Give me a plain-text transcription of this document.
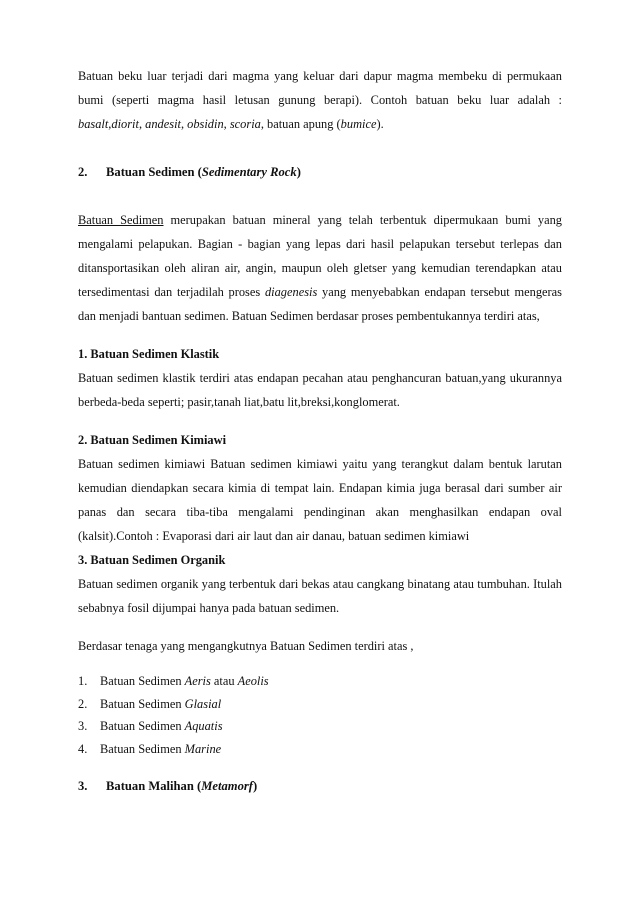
Batuan beku luar terjadi dari magma yang keluar dari dapur magma membeku di permukaan bumi (seperti magma hasil letusan gunung berapi). Contoh batuan beku luar adalah : basalt,diorit, andesit, obsidin, scoria, batuan apung (bumice).

2. Batuan Sedimen (Sedimentary Rock)

Batuan Sedimen merupakan batuan mineral yang telah terbentuk dipermukaan bumi yang mengalami pelapukan. Bagian - bagian yang lepas dari hasil pelapukan tersebut terlepas dan ditansportasikan oleh aliran air, angin, maupun oleh gletser yang kemudian terendapkan atau tersedimentasi dan terjadilah proses diagenesis yang menyebabkan endapan tersebut mengeras dan menjadi bantuan sedimen. Batuan Sedimen berdasar proses pembentukannya terdiri atas,

1. Batuan Sedimen Klastik

Batuan sedimen klastik terdiri atas endapan pecahan atau penghancuran batuan,yang ukurannya berbeda-beda seperti; pasir,tanah liat,batu lit,breksi,konglomerat.

2. Batuan Sedimen Kimiawi

Batuan sedimen kimiawi Batuan sedimen kimiawi yaitu yang terangkut dalam bentuk larutan kemudian diendapkan secara kimia di tempat lain. Endapan kimia juga berasal dari sumber air panas dan secara tiba-tiba mengalami pendinginan akan menghasilkan endapan oval (kalsit).Contoh : Evaporasi dari air laut dan air danau, batuan sedimen kimiawi

3. Batuan Sedimen Organik

Batuan sedimen organik yang terbentuk dari bekas atau cangkang binatang atau tumbuhan. Itulah sebabnya fosil dijumpai hanya pada batuan sedimen.

Berdasar tenaga yang mengangkutnya Batuan Sedimen terdiri atas ,

1. Batuan Sedimen Aeris atau Aeolis
2. Batuan Sedimen Glasial
3. Batuan Sedimen Aquatis
4. Batuan Sedimen Marine

3. Batuan Malihan (Metamorf)
